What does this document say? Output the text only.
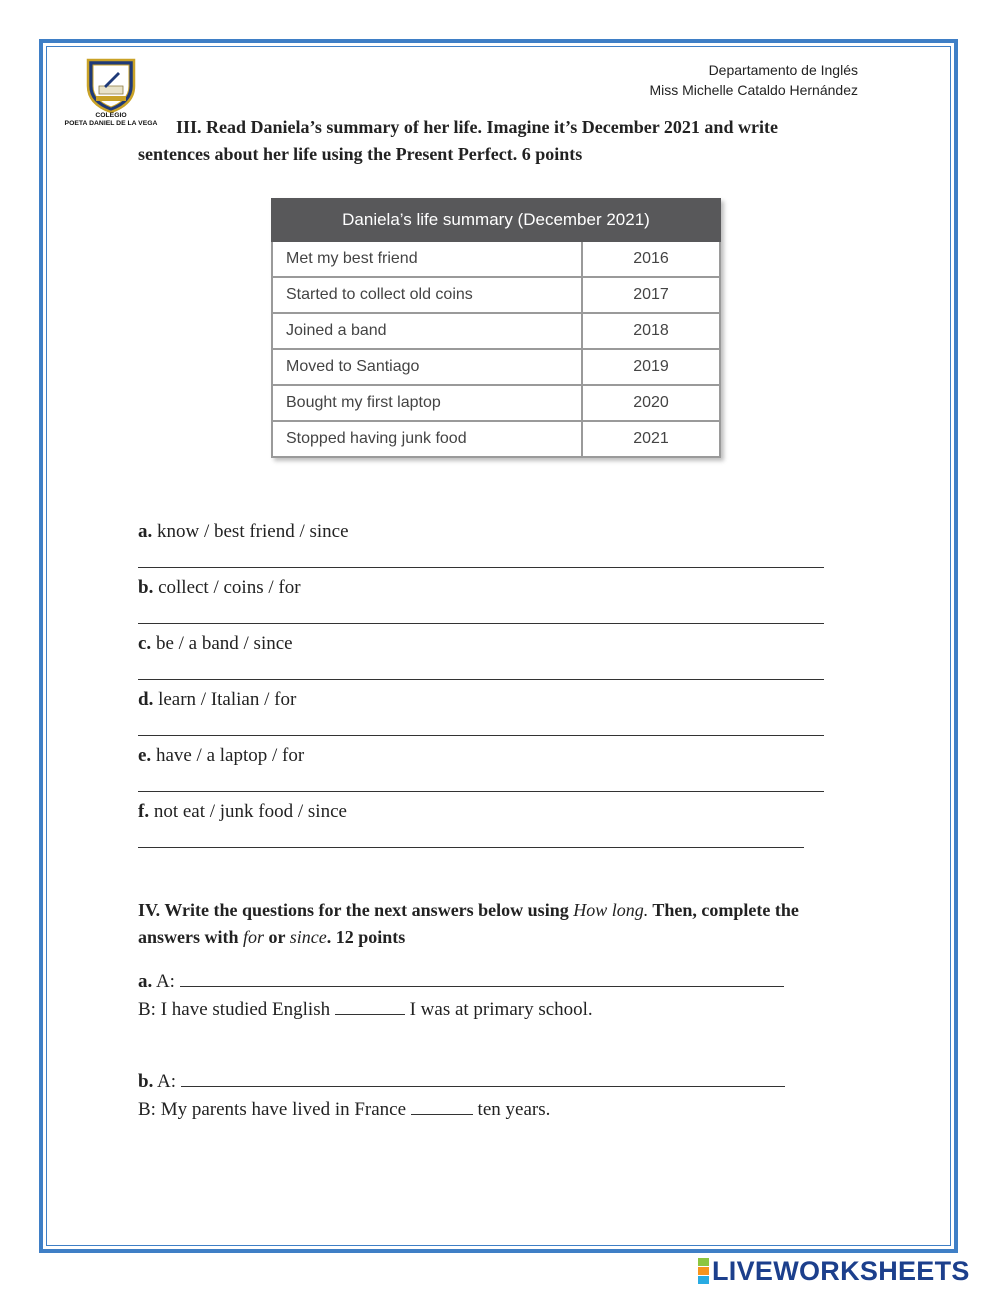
COLEGIO
POETA DANIEL DE LA VEGA
Departamento de Inglés
Miss Michelle Cataldo Hernández
III. Read Daniela’s summary of her life. Imagine it’s December 2021 and write sentences about her life using the Present Perfect. 6 points
Daniela’s life summary (December 2021)	
Met my best friend	2016
Started to collect old coins	2017
Joined a band	2018
Moved to Santiago	2019
Bought my first laptop	2020
Stopped having junk food	2021
a. know / best friend / since
b. collect / coins / for
c. be / a band / since
d. learn / Italian / for
e. have / a laptop / for
f. not eat / junk food / since
IV. Write the questions for the next answers below using How long. Then, complete the answers with for or since. 12 points
a. A:
B: I have studied English	I was at primary school.
b. A:
B: My parents have lived in France	ten years.
LIVEWORKSHEETS
